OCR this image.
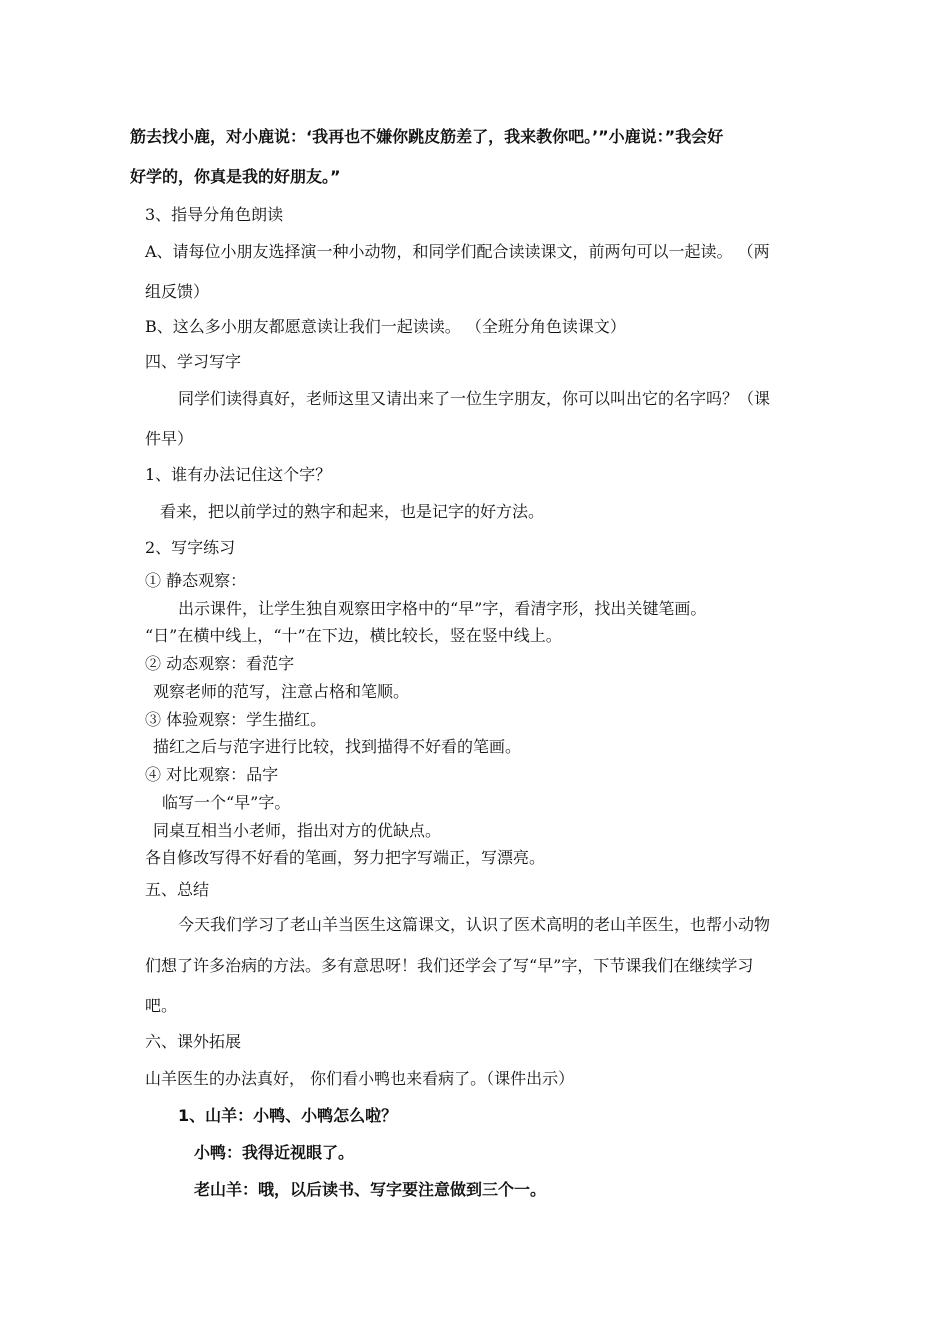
筋去找小鹿，对小鹿说：‘我再也不嫌你跳皮筋差了，我来教你吧。’”小鹿说：”我会好
好学的，你真是我的好朋友。”
3、指导分角色朗读
A、请每位小朋友选择演一种小动物，和同学们配合读读课文，前两句可以一起读。 （两
组反馈）
B、这么多小朋友都愿意读让我们一起读读。 （全班分角色读课文）
四、学习写字
同学们读得真好，老师这里又请出来了一位生字朋友，你可以叫出它的名字吗？（课
件早）
1、谁有办法记住这个字？
看来，把以前学过的熟字和起来，也是记字的好方法。
2、写字练习
① 静态观察：
出示课件，让学生独自观察田字格中的“早”字，看清字形，找出关键笔画。
“日”在横中线上，“十”在下边，横比较长，竖在竖中线上。
② 动态观察：看范字
观察老师的范写，注意占格和笔顺。
③ 体验观察：学生描红。
描红之后与范字进行比较，找到描得不好看的笔画。
④ 对比观察：品字
临写一个“早”字。
同桌互相当小老师，指出对方的优缺点。
各自修改写得不好看的笔画，努力把字写端正，写漂亮。
五、总结
今天我们学习了老山羊当医生这篇课文，认识了医术高明的老山羊医生，也帮小动物
们想了许多治病的方法。多有意思呀！我们还学会了写“早”字，下节课我们在继续学习
吧。
六、课外拓展
山羊医生的办法真好， 你们看小鸭也来看病了。（课件出示）
1、山羊：小鸭、小鸭怎么啦？
小鸭：我得近视眼了。
老山羊：哦，以后读书、写字要注意做到三个一。
